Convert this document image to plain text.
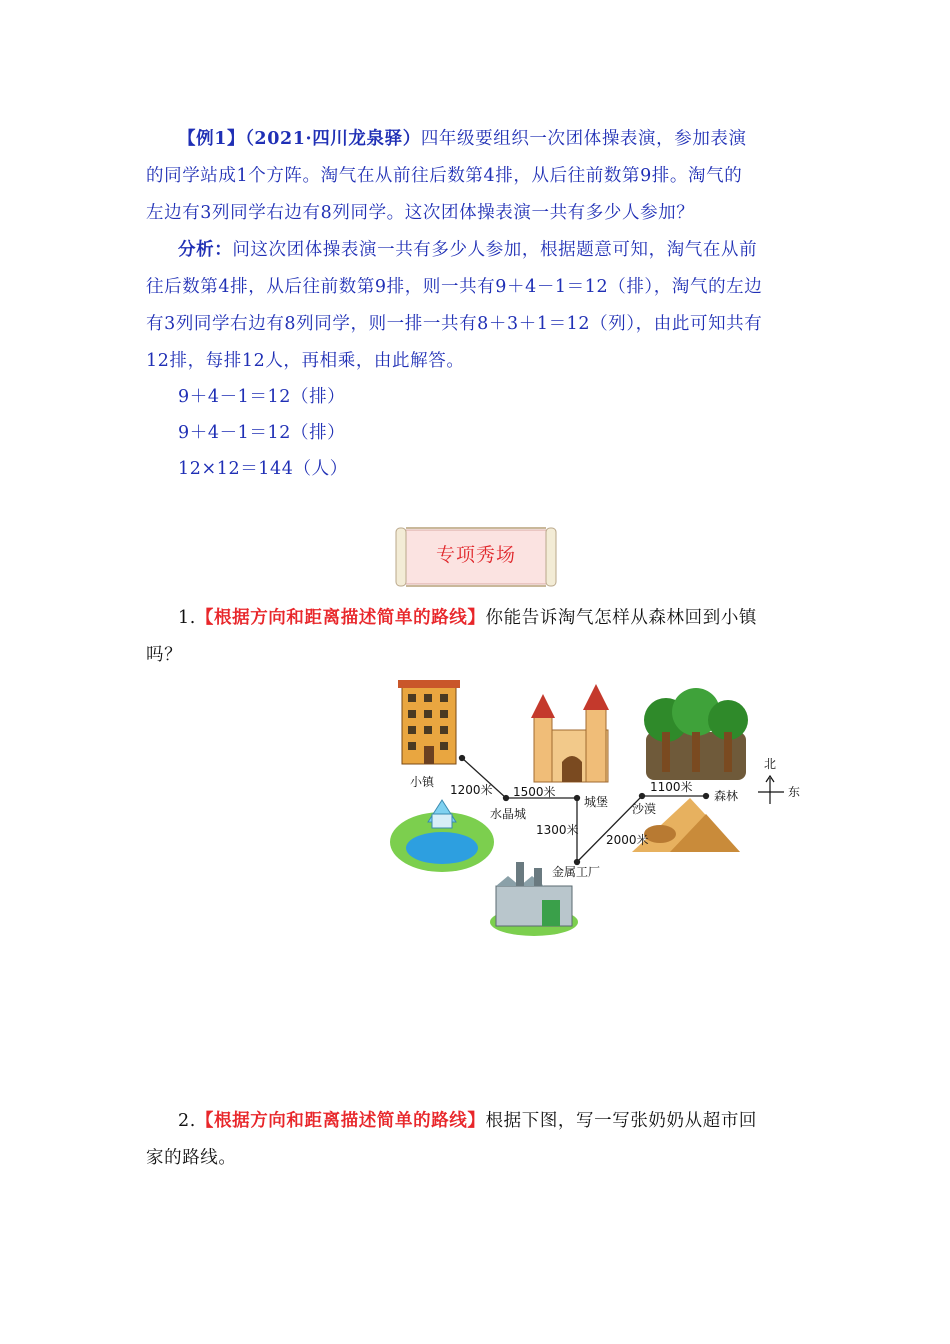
【例1】（2021·四川龙泉驿）四年级要组织一次团体操表演，参加表演
的同学站成1个方阵。淘气在从前往后数第4排，从后往前数第9排。淘气的
左边有3列同学右边有8列同学。这次团体操表演一共有多少人参加？
分析：问这次团体操表演一共有多少人参加，根据题意可知，淘气在从前
往后数第4排，从后往前数第9排，则一共有9＋4－1＝12（排），淘气的左边
有3列同学右边有8列同学，则一排一共有8＋3＋1＝12（列），由此可知共有
12排，每排12人，再相乘，由此解答。
9＋4－1＝12（排）
9＋4－1＝12（排）
12×12＝144（人）
专项秀场
1.【根据方向和距离描述简单的路线】你能告诉淘气怎样从森林回到小镇
吗？
小镇
1200米 1500米
水晶城
城堡
1300米
沙漠
2000米
金属工厂
1100米
森林
北
东
2.【根据方向和距离描述简单的路线】根据下图，写一写张奶奶从超市回
家的路线。
